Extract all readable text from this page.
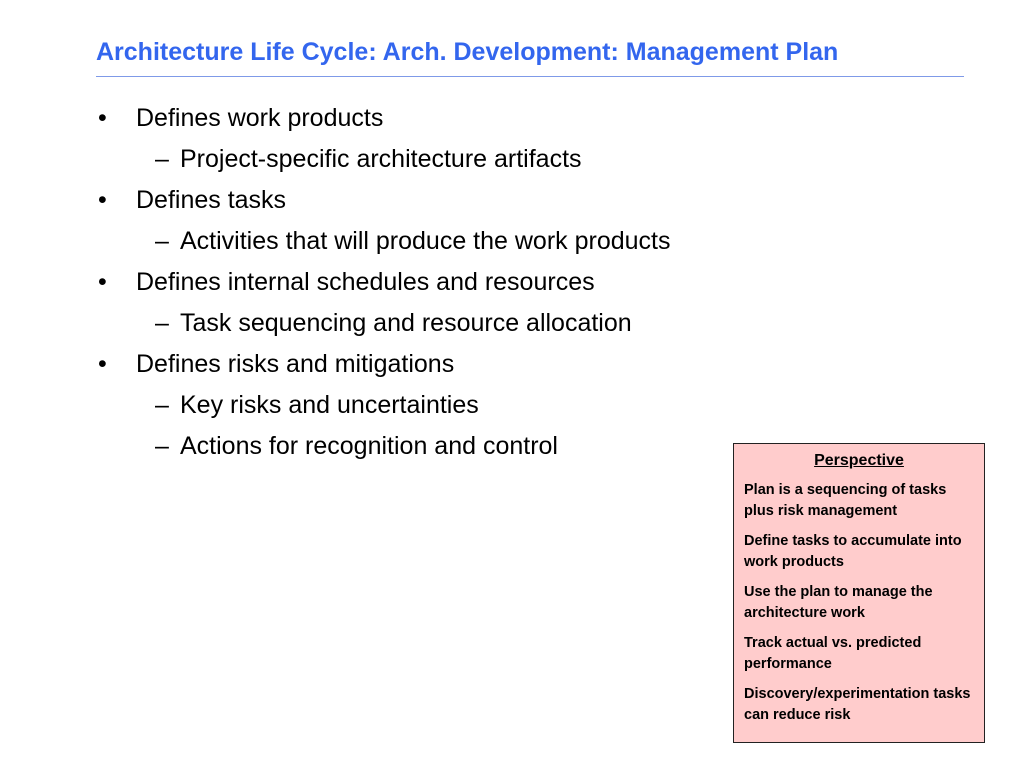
Architecture Life Cycle: Arch. Development: Management Plan
• Defines work products
– Project-specific architecture artifacts
• Defines tasks
– Activities that will produce the work products
• Defines internal schedules and resources
– Task sequencing and resource allocation
• Defines risks and mitigations
– Key risks and uncertainties
– Actions for recognition and control
Perspective
Plan is a sequencing of tasks plus risk management
Define tasks to accumulate into work products
Use the plan to manage the architecture work
Track actual vs. predicted performance
Discovery/experimentation tasks can reduce risk
